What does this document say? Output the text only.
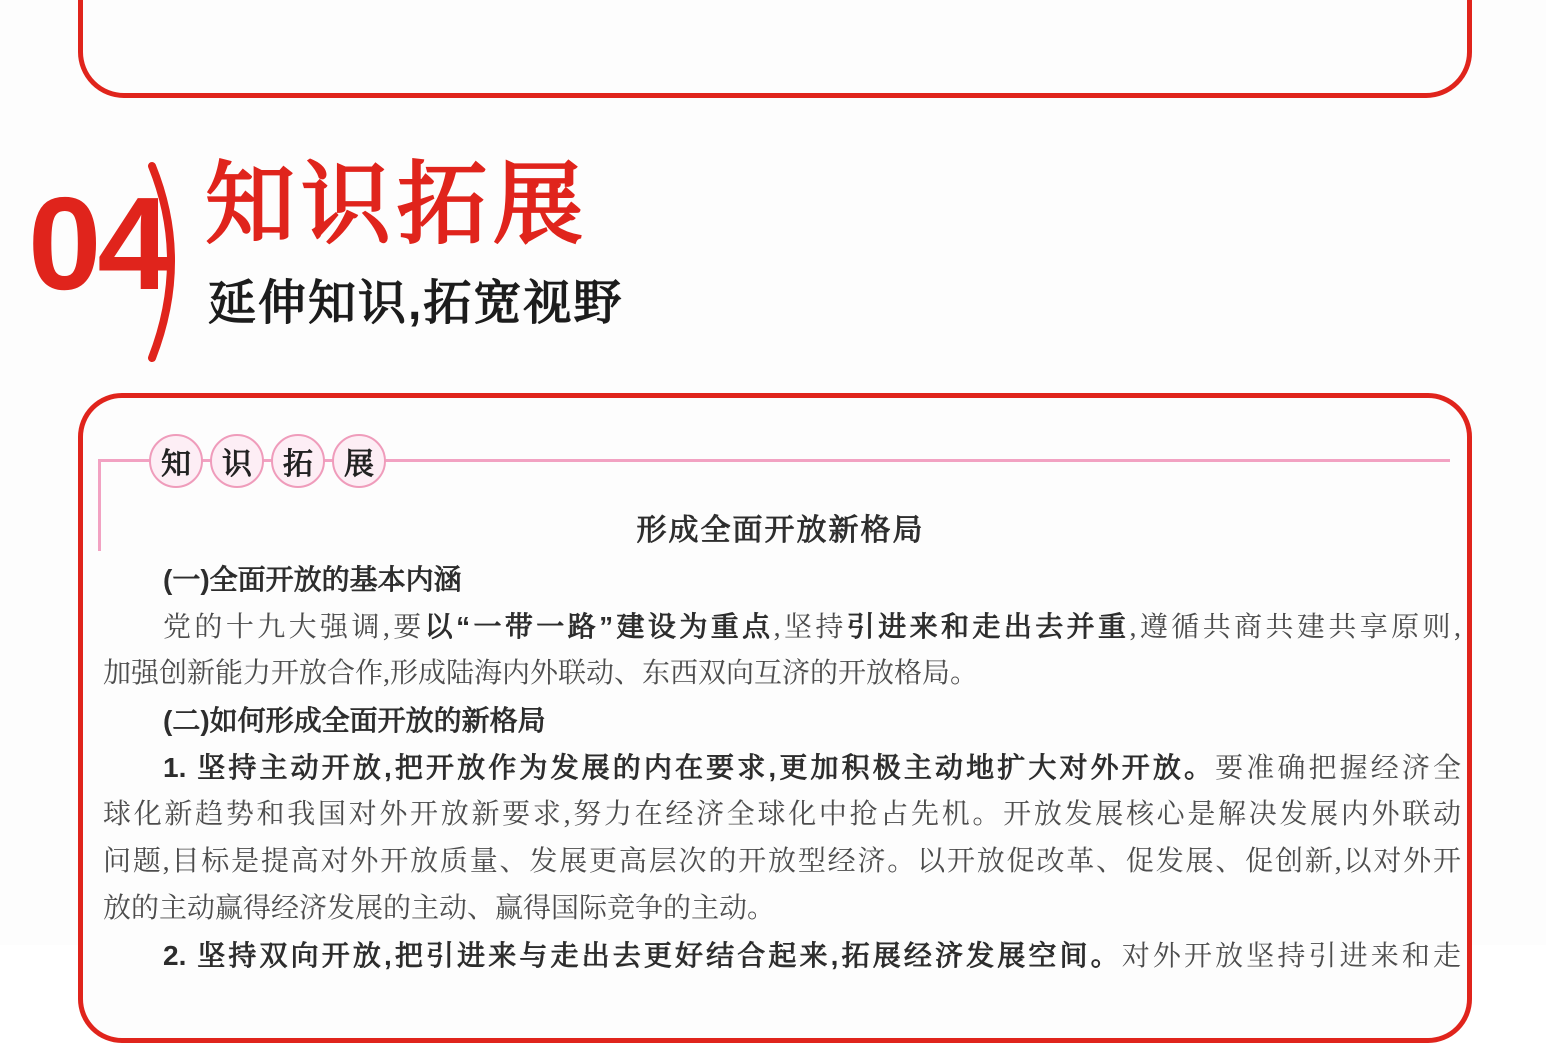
04 知识拓展
延伸知识,拓宽视野
知	识	拓	展
形成全面开放新格局
(一)全面开放的基本内涵
党的十九大强调,要以“一带一路”建设为重点,坚持引进来和走出去并重,遵循共商共建共享原则,
加强创新能力开放合作,形成陆海内外联动、东西双向互济的开放格局。
(二)如何形成全面开放的新格局
1. 坚持主动开放,把开放作为发展的内在要求,更加积极主动地扩大对外开放。要准确把握经济全
球化新趋势和我国对外开放新要求,努力在经济全球化中抢占先机。开放发展核心是解决发展内外联动
问题,目标是提高对外开放质量、发展更高层次的开放型经济。以开放促改革、促发展、促创新,以对外开
放的主动赢得经济发展的主动、赢得国际竞争的主动。
2. 坚持双向开放,把引进来与走出去更好结合起来,拓展经济发展空间。对外开放坚持引进来和走
